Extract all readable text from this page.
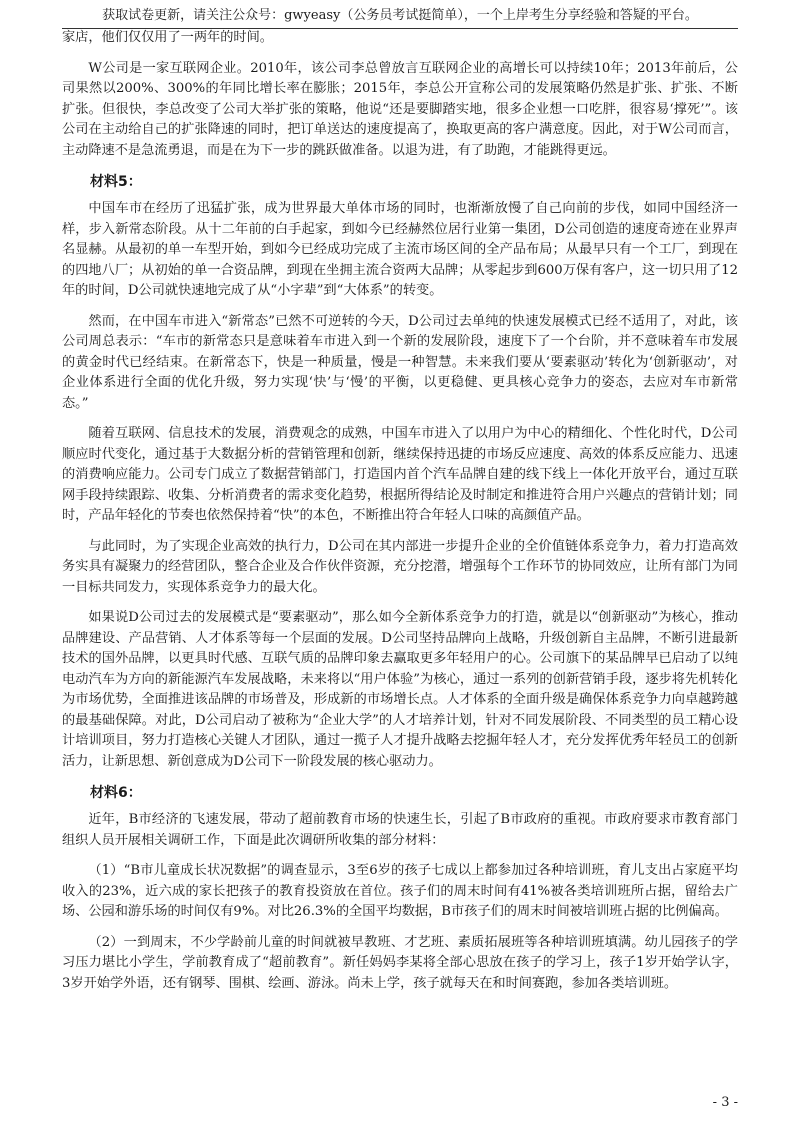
获取试卷更新，请关注公众号：gwyeasy（公务员考试挺简单），一个上岸考生分享经验和答疑的平台。

家店，他们仅仅用了一两年的时间。

W公司是一家互联网企业。2010年，该公司李总曾放言互联网企业的高增长可以持续10年；2013年前后，公司果然以200%、300%的年同比增长率在膨胀；2015年，李总公开宣称公司的发展策略仍然是扩张、扩张、不断扩张。但很快，李总改变了公司大举扩张的策略，他说“还是要脚踏实地，很多企业想一口吃胖，很容易‘撑死’”。该公司在主动给自己的扩张降速的同时，把订单送达的速度提高了，换取更高的客户满意度。因此，对于W公司而言，主动降速不是急流勇退，而是在为下一步的跳跃做准备。以退为进，有了助跑，才能跳得更远。

材料5：

中国车市在经历了迅猛扩张，成为世界最大单体市场的同时，也渐渐放慢了自己向前的步伐，如同中国经济一样，步入新常态阶段。从十二年前的白手起家，到如今已经赫然位居行业第一集团，D公司创造的速度奇迹在业界声名显赫。从最初的单一车型开始，到如今已经成功完成了主流市场区间的全产品布局；从最早只有一个工厂，到现在的四地八厂；从初始的单一合资品牌，到现在坐拥主流合资两大品牌；从零起步到600万保有客户，这一切只用了12年的时间，D公司就快速地完成了从“小字辈”到“大体系”的转变。

然而，在中国车市进入“新常态”已然不可逆转的今天，D公司过去单纯的快速发展模式已经不适用了，对此，该公司周总表示：“车市的新常态只是意味着车市进入到一个新的发展阶段，速度下了一个台阶，并不意味着车市发展的黄金时代已经结束。在新常态下，快是一种质量，慢是一种智慧。未来我们要从‘要素驱动’转化为‘创新驱动’，对企业体系进行全面的优化升级，努力实现‘快’与‘慢’的平衡，以更稳健、更具核心竞争力的姿态，去应对车市新常态。”

随着互联网、信息技术的发展，消费观念的成熟，中国车市进入了以用户为中心的精细化、个性化时代，D公司顺应时代变化，通过基于大数据分析的营销管理和创新，继续保持迅捷的市场反应速度、高效的体系反应能力、迅速的消费响应能力。公司专门成立了数据营销部门，打造国内首个汽车品牌自建的线下线上一体化开放平台，通过互联网手段持续跟踪、收集、分析消费者的需求变化趋势，根据所得结论及时制定和推进符合用户兴趣点的营销计划；同时，产品年轻化的节奏也依然保持着“快”的本色，不断推出符合年轻人口味的高颜值产品。

与此同时，为了实现企业高效的执行力，D公司在其内部进一步提升企业的全价值链体系竞争力，着力打造高效务实具有凝聚力的经营团队，整合企业及合作伙伴资源，充分挖潜，增强每个工作环节的协同效应，让所有部门为同一目标共同发力，实现体系竞争力的最大化。

如果说D公司过去的发展模式是“要素驱动”，那么如今全新体系竞争力的打造，就是以“创新驱动”为核心，推动品牌建设、产品营销、人才体系等每一个层面的发展。D公司坚持品牌向上战略，升级创新自主品牌，不断引进最新技术的国外品牌，以更具时代感、互联气质的品牌印象去赢取更多年轻用户的心。公司旗下的某品牌早已启动了以纯电动汽车为方向的新能源汽车发展战略，未来将以“用户体验”为核心，通过一系列的创新营销手段，逐步将先机转化为市场优势，全面推进该品牌的市场普及，形成新的市场增长点。人才体系的全面升级是确保体系竞争力向卓越跨越的最基础保障。对此，D公司启动了被称为“企业大学”的人才培养计划，针对不同发展阶段、不同类型的员工精心设计培训项目，努力打造核心关键人才团队，通过一揽子人才提升战略去挖掘年轻人才，充分发挥优秀年轻员工的创新活力，让新思想、新创意成为D公司下一阶段发展的核心驱动力。

材料6：

近年，B市经济的飞速发展，带动了超前教育市场的快速生长，引起了B市政府的重视。市政府要求市教育部门组织人员开展相关调研工作，下面是此次调研所收集的部分材料：

（1）“B市儿童成长状况数据”的调查显示，3至6岁的孩子七成以上都参加过各种培训班，育儿支出占家庭平均收入的23%，近六成的家长把孩子的教育投资放在首位。孩子们的周末时间有41%被各类培训班所占据，留给去广场、公园和游乐场的时间仅有9%。对比26.3%的全国平均数据，B市孩子们的周末时间被培训班占据的比例偏高。

（2）一到周末，不少学龄前儿童的时间就被早教班、才艺班、素质拓展班等各种培训班填满。幼儿园孩子的学习压力堪比小学生，学前教育成了“超前教育”。新任妈妈李某将全部心思放在孩子的学习上，孩子1岁开始学认字，3岁开始学外语，还有钢琴、围棋、绘画、游泳。尚未上学，孩子就每天在和时间赛跑，参加各类培训班。

- 3 -
